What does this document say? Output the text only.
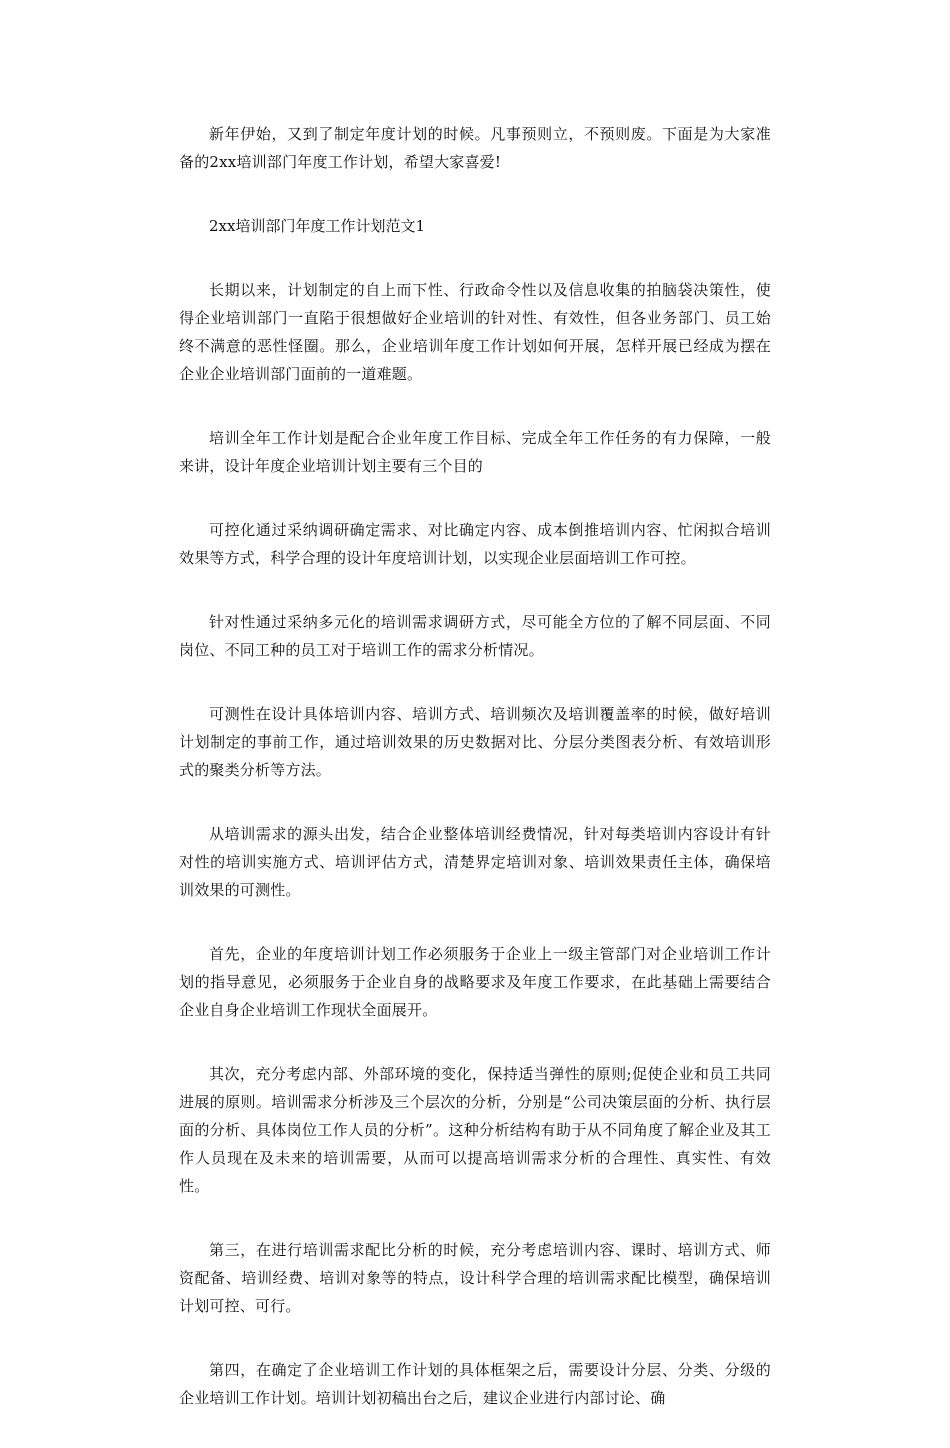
新年伊始，又到了制定年度计划的时候。凡事预则立，不预则废。下面是为大家准备的2xx培训部门年度工作计划，希望大家喜爱!

2xx培训部门年度工作计划范文1

长期以来，计划制定的自上而下性、行政命令性以及信息收集的拍脑袋决策性，使得企业培训部门一直陷于很想做好企业培训的针对性、有效性，但各业务部门、员工始终不满意的恶性怪圈。那么，企业培训年度工作计划如何开展，怎样开展已经成为摆在企业企业培训部门面前的一道难题。

培训全年工作计划是配合企业年度工作目标、完成全年工作任务的有力保障，一般来讲，设计年度企业培训计划主要有三个目的

可控化通过采纳调研确定需求、对比确定内容、成本倒推培训内容、忙闲拟合培训效果等方式，科学合理的设计年度培训计划，以实现企业层面培训工作可控。

针对性通过采纳多元化的培训需求调研方式，尽可能全方位的了解不同层面、不同岗位、不同工种的员工对于培训工作的需求分析情况。

可测性在设计具体培训内容、培训方式、培训频次及培训覆盖率的时候，做好培训计划制定的事前工作，通过培训效果的历史数据对比、分层分类图表分析、有效培训形式的聚类分析等方法。

从培训需求的源头出发，结合企业整体培训经费情况，针对每类培训内容设计有针对性的培训实施方式、培训评估方式，清楚界定培训对象、培训效果责任主体，确保培训效果的可测性。

首先，企业的年度培训计划工作必须服务于企业上一级主管部门对企业培训工作计划的指导意见，必须服务于企业自身的战略要求及年度工作要求，在此基础上需要结合企业自身企业培训工作现状全面展开。

其次，充分考虑内部、外部环境的变化，保持适当弹性的原则;促使企业和员工共同进展的原则。培训需求分析涉及三个层次的分析，分别是“公司决策层面的分析、执行层面的分析、具体岗位工作人员的分析”。这种分析结构有助于从不同角度了解企业及其工作人员现在及未来的培训需要，从而可以提高培训需求分析的合理性、真实性、有效性。

第三，在进行培训需求配比分析的时候，充分考虑培训内容、课时、培训方式、师资配备、培训经费、培训对象等的特点，设计科学合理的培训需求配比模型，确保培训计划可控、可行。

第四，在确定了企业培训工作计划的具体框架之后，需要设计分层、分类、分级的企业培训工作计划。培训计划初稿出台之后，建议企业进行内部讨论、确
